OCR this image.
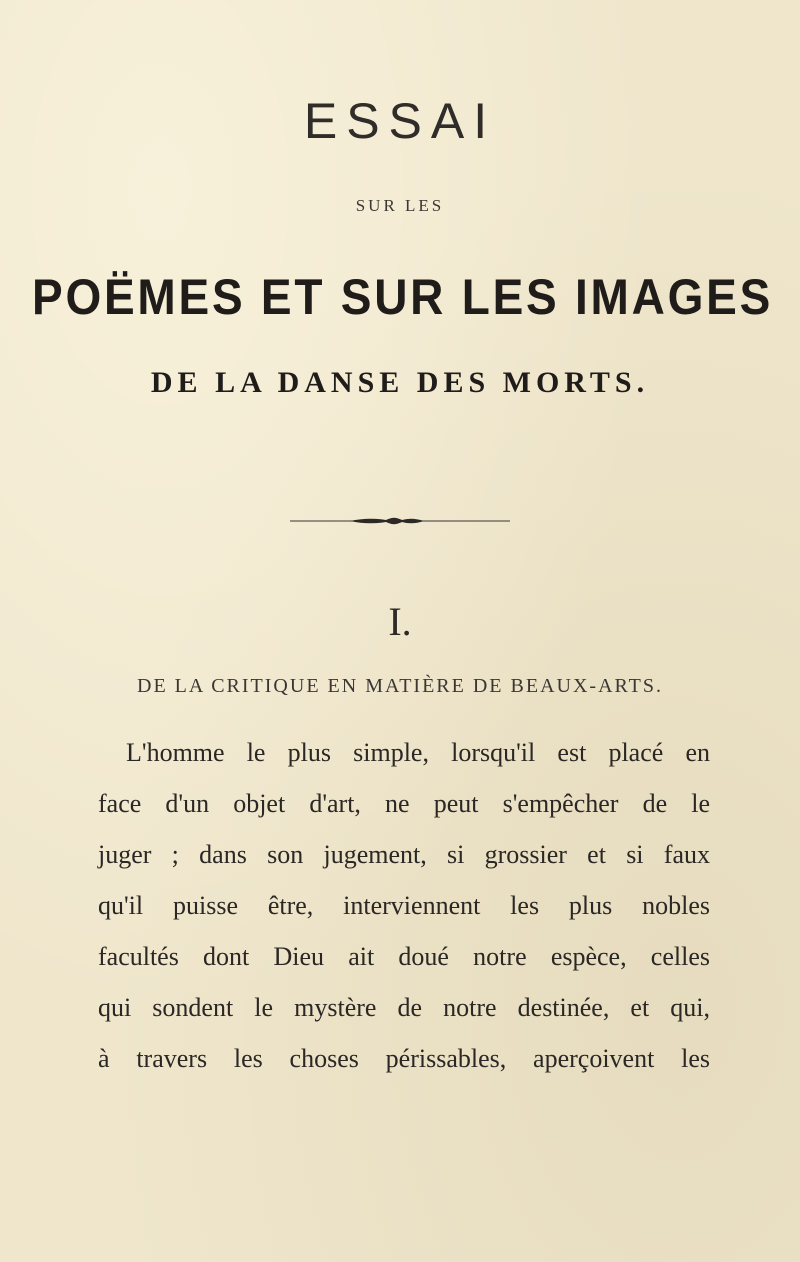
ESSAI
SUR LES
POËMES ET SUR LES IMAGES
DE LA DANSE DES MORTS.
I.
DE LA CRITIQUE EN MATIÈRE DE BEAUX-ARTS.
L'homme le plus simple, lorsqu'il est placé en
face d'un objet d'art, ne peut s'empêcher de le
juger ; dans son jugement, si grossier et si faux
qu'il puisse être, interviennent les plus nobles
facultés dont Dieu ait doué notre espèce, celles
qui sondent le mystère de notre destinée, et qui,
à travers les choses périssables, aperçoivent les
